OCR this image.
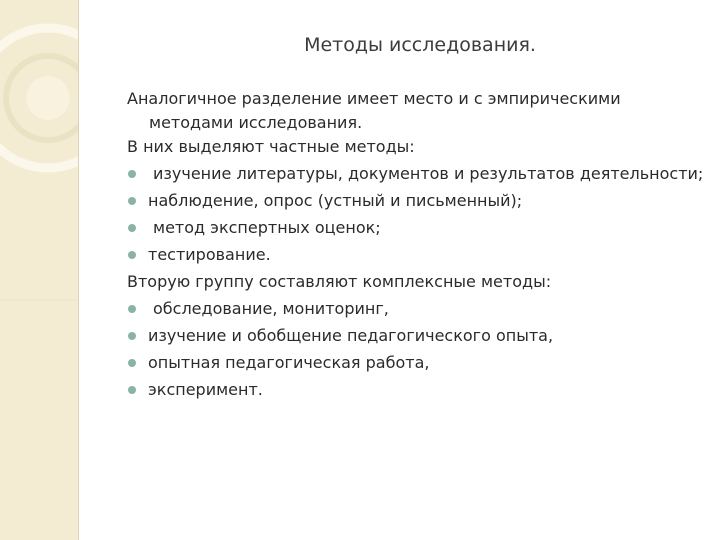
Методы исследования.
Аналогичное разделение имеет место и с эмпирическими методами исследования.
В них выделяют частные методы:
изучение литературы, документов и результатов деятельности;
наблюдение, опрос (устный и письменный);
метод экспертных оценок;
тестирование.
Вторую группу составляют комплексные методы:
обследование, мониторинг,
изучение и обобщение педагогического опыта,
опытная педагогическая работа,
эксперимент.
